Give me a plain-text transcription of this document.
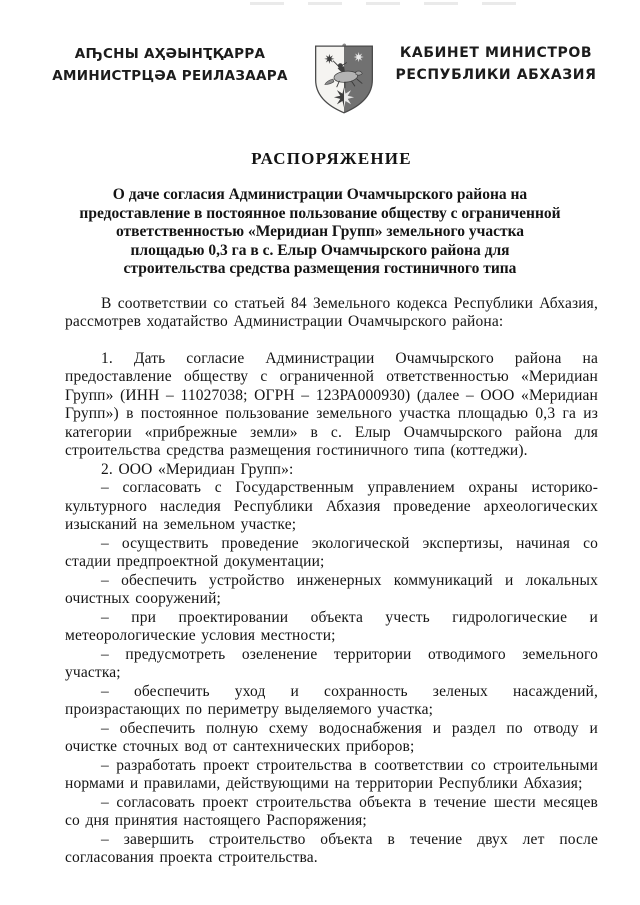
АҦСНЫ АҲӘЫНҬҚАРРА
АМИНИСТРЦӘА РЕИЛАЗААРА
КАБИНЕТ МИНИСТРОВ
РЕСПУБЛИКИ АБХАЗИЯ
РАСПОРЯЖЕНИЕ
О даче согласия Администрации Очамчырского района на
предоставление в постоянное пользование обществу с ограниченной
ответственностью «Меридиан Групп» земельного участка
площадью 0,3 га в с. Елыр Очамчырского района для
строительства средства размещения гостиничного типа

В соответствии со статьей 84 Земельного кодекса Республики Абхазия, рассмотрев ходатайство Администрации Очамчырского района:

1. Дать согласие Администрации Очамчырского района на предоставление обществу с ограниченной ответственностью «Меридиан Групп» (ИНН – 11027038; ОГРН – 123РА000930) (далее – ООО «Меридиан Групп») в постоянное пользование земельного участка площадью 0,3 га из категории «прибрежные земли» в с. Елыр Очамчырского района для строительства средства размещения гостиничного типа (коттеджи).

2. ООО «Меридиан Групп»:

– согласовать с Государственным управлением охраны историко-культурного наследия Республики Абхазия проведение археологических изысканий на земельном участке;

– осуществить проведение экологической экспертизы, начиная со стадии предпроектной документации;

– обеспечить устройство инженерных коммуникаций и локальных очистных сооружений;

– при проектировании объекта учесть гидрологические и метеорологические условия местности;

– предусмотреть озеленение территории отводимого земельного участка;

– обеспечить уход и сохранность зеленых насаждений, произрастающих по периметру выделяемого участка;

– обеспечить полную схему водоснабжения и раздел по отводу и очистке сточных вод от сантехнических приборов;

– разработать проект строительства в соответствии со строительными нормами и правилами, действующими на территории Республики Абхазия;

– согласовать проект строительства объекта в течение шести месяцев со дня принятия настоящего Распоряжения;

– завершить строительство объекта в течение двух лет после согласования проекта строительства.
